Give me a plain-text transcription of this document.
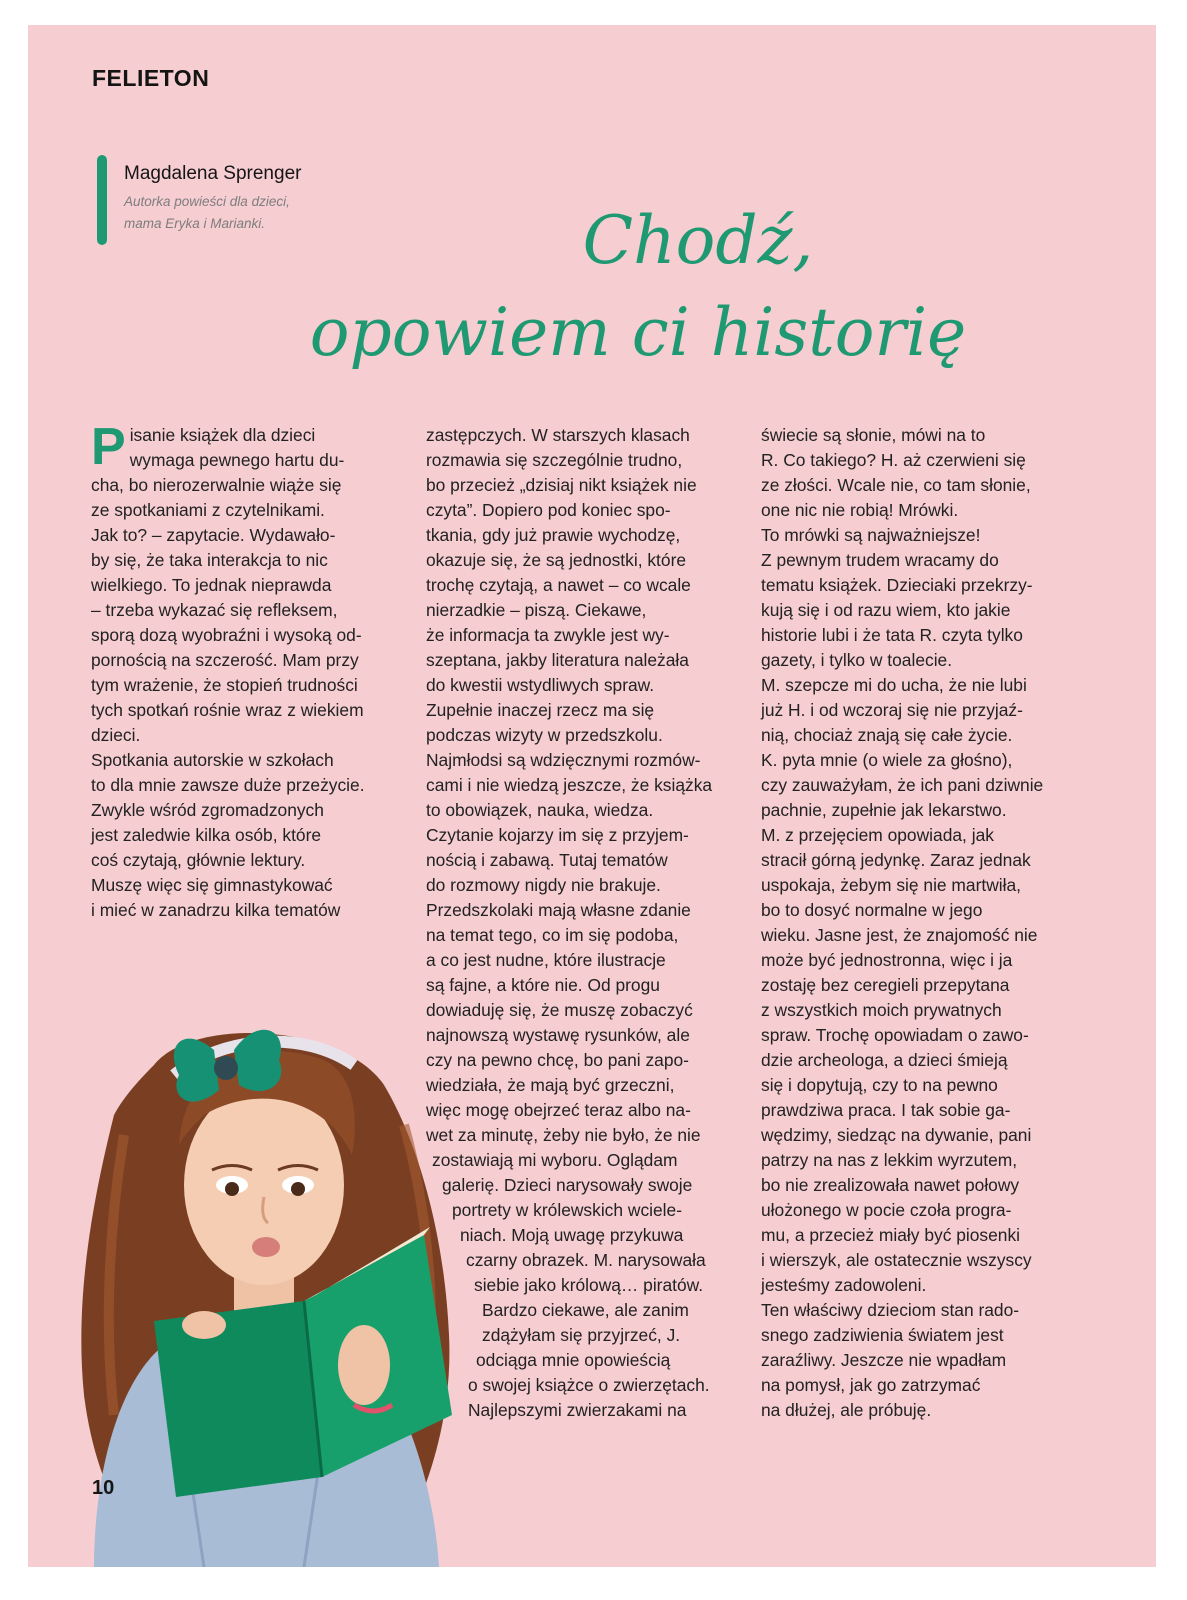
FELIETON
Magdalena Sprenger
Autorka powieści dla dzieci,
mama Eryka i Marianki.	Chodź,
opowiem ci historię

P isanie książek dla dzieci
wymaga pewnego hartu du-
cha, bo nierozerwalnie wiąże się
ze spotkaniami z czytelnikami.
Jak to? – zapytacie. Wydawało-
by się, że taka interakcja to nic
wielkiego. To jednak nieprawda
– trzeba wykazać się refleksem,
sporą dozą wyobraźni i wysoką od-
pornością na szczerość. Mam przy
tym wrażenie, że stopień trudności
tych spotkań rośnie wraz z wiekiem
dzieci.
Spotkania autorskie w szkołach
to dla mnie zawsze duże przeżycie.
Zwykle wśród zgromadzonych
jest zaledwie kilka osób, które
coś czytają, głównie lektury.
Muszę więc się gimnastykować
i mieć w zanadrzu kilka tematów

zastępczych. W starszych klasach
rozmawia się szczególnie trudno,
bo przecież „dzisiaj nikt książek nie
czyta”. Dopiero pod koniec spo-
tkania, gdy już prawie wychodzę,
okazuje się, że są jednostki, które
trochę czytają, a nawet – co wcale
nierzadkie – piszą. Ciekawe,
że informacja ta zwykle jest wy-
szeptana, jakby literatura należała
do kwestii wstydliwych spraw.
Zupełnie inaczej rzecz ma się
podczas wizyty w przedszkolu.
Najmłodsi są wdzięcznymi rozmów-
cami i nie wiedzą jeszcze, że książka
to obowiązek, nauka, wiedza.
Czytanie kojarzy im się z przyjem-
nością i zabawą. Tutaj tematów
do rozmowy nigdy nie brakuje.
Przedszkolaki mają własne zdanie
na temat tego, co im się podoba,
a co jest nudne, które ilustracje
są fajne, a które nie. Od progu
dowiaduję się, że muszę zobaczyć
najnowszą wystawę rysunków, ale
czy na pewno chcę, bo pani zapo-
wiedziała, że mają być grzeczni,
więc mogę obejrzeć teraz albo na-
wet za minutę, żeby nie było, że nie
zostawiają mi wyboru. Oglądam
galerię. Dzieci narysowały swoje
portrety w królewskich wciele-
niach. Moją uwagę przykuwa
czarny obrazek. M. narysowała
siebie jako królową… piratów.
Bardzo ciekawe, ale zanim
zdążyłam się przyjrzeć, J.
odciąga mnie opowieścią
o swojej książce o zwierzętach.
Najlepszymi zwierzakami na

świecie są słonie, mówi na to
R. Co takiego? H. aż czerwieni się
ze złości. Wcale nie, co tam słonie,
one nic nie robią! Mrówki.
To mrówki są najważniejsze!
Z pewnym trudem wracamy do
tematu książek. Dzieciaki przekrzy-
kują się i od razu wiem, kto jakie
historie lubi i że tata R. czyta tylko
gazety, i tylko w toalecie.
M. szepcze mi do ucha, że nie lubi
już H. i od wczoraj się nie przyjaź-
nią, chociaż znają się całe życie.
K. pyta mnie (o wiele za głośno),
czy zauważyłam, że ich pani dziwnie
pachnie, zupełnie jak lekarstwo.
M. z przejęciem opowiada, jak
stracił górną jedynkę. Zaraz jednak
uspokaja, żebym się nie martwiła,
bo to dosyć normalne w jego
wieku. Jasne jest, że znajomość nie
może być jednostronna, więc i ja
zostaję bez ceregieli przepytana
z wszystkich moich prywatnych
spraw. Trochę opowiadam o zawo-
dzie archeologa, a dzieci śmieją
się i dopytują, czy to na pewno
prawdziwa praca. I tak sobie ga-
wędzimy, siedząc na dywanie, pani
patrzy na nas z lekkim wyrzutem,
bo nie zrealizowała nawet połowy
ułożonego w pocie czoła progra-
mu, a przecież miały być piosenki
i wierszyk, ale ostatecznie wszyscy
jesteśmy zadowoleni.
Ten właściwy dzieciom stan rado-
snego zadziwienia światem jest
zaraźliwy. Jeszcze nie wpadłam
na pomysł, jak go zatrzymać
na dłużej, ale próbuję.

10
